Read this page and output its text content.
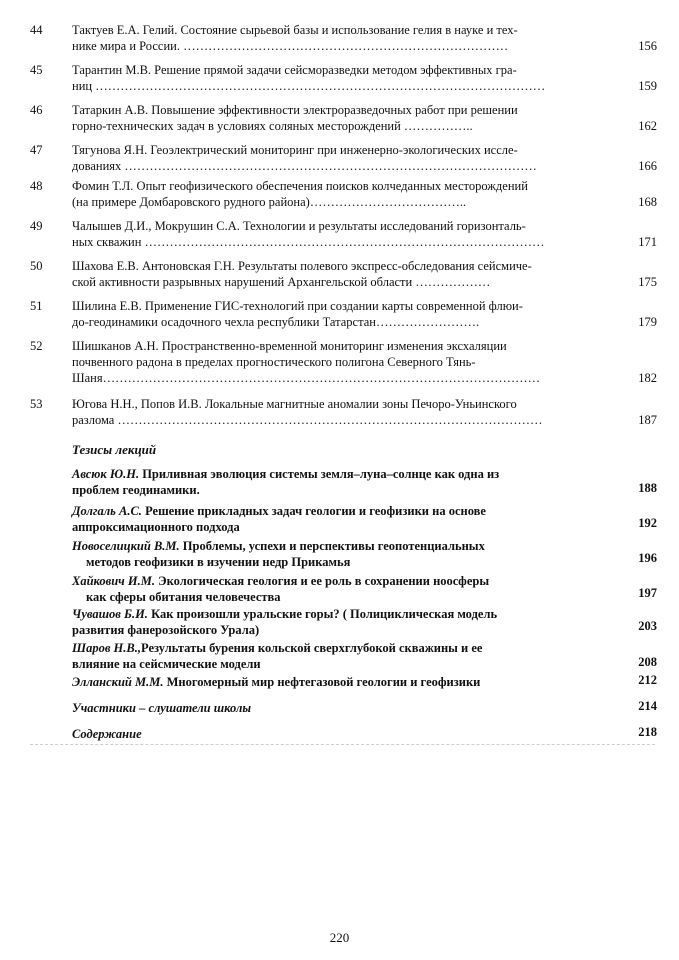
44	Тактуев Е.А. Гелий. Состояние сырьевой базы и использование гелия в науке и тех-
нике мира и России. ……………………………………………………………………	156
45	Тарантин М.В. Решение прямой задачи сейсморазведки методом эффективных гра-
ниц ………………………………………………………………………………………………	159
46	Татаркин А.В. Повышение эффективности электроразведочных работ при решении
горно-технических задач в условиях соляных месторождений ……………..	162
47	Тягунова Я.Н. Геоэлектрический мониторинг при инженерно-экологических иссле-
дованиях ………………………………………………………………………………………	166
48	Фомин Т.Л. Опыт геофизического обеспечения поисков колчеданных месторождений
(на примере Домбаровского рудного района)………………………………..	168
49	Чалышев Д.И., Мокрушин С.А. Технологии и результаты исследований горизонталь-
ных скважин ……………………………………………………………………………………	171
50	Шахова Е.В. Антоновская Г.Н. Результаты полевого экспресс-обследования сейсмиче-
ской активности разрывных нарушений Архангельской области ………………	175
51	Шилина Е.В. Применение ГИС-технологий при создании карты современной флюи-
до-геодинамики осадочного чехла республики Татарстан…………………….	179
52	Шишканов А.Н. Пространственно-временной мониторинг изменения эксхаляции
почвенного радона в пределах прогностического полигона Северного Тянь-
Шаня……………………………………………………………………………………………	182
53	Югова Н.Н., Попов И.В. Локальные магнитные аномалии зоны Печоро-Уньинского
разлома …………………………………………………………………………………………	187
Тезисы лекций
Авсюк Ю.Н. Приливная эволюция системы земля–луна–солнце как одна из
проблем геодинамики.	188
Долгаль А.С. Решение прикладных задач геологии и геофизики на основе
аппроксимационного подхода	192
Новоселицкий В.М. Проблемы, успехи и перспективы геопотенциальных
методов геофизики в изучении недр Прикамья	196
Хайкович И.М. Экологическая геология и ее роль в сохранении ноосферы
как сферы обитания человечества	197
Чувашов Б.И. Как произошли уральские горы? ( Полициклическая модель
развития фанерозойского Урала)	203
Шаров Н.В.,Результаты бурения кольской сверхглубокой скважины и ее
влияние на сейсмические модели	208
Элланский М.М. Многомерный мир нефтегазовой геологии и геофизики	212
Участники – слушатели школы	214
Содержание	218
220
